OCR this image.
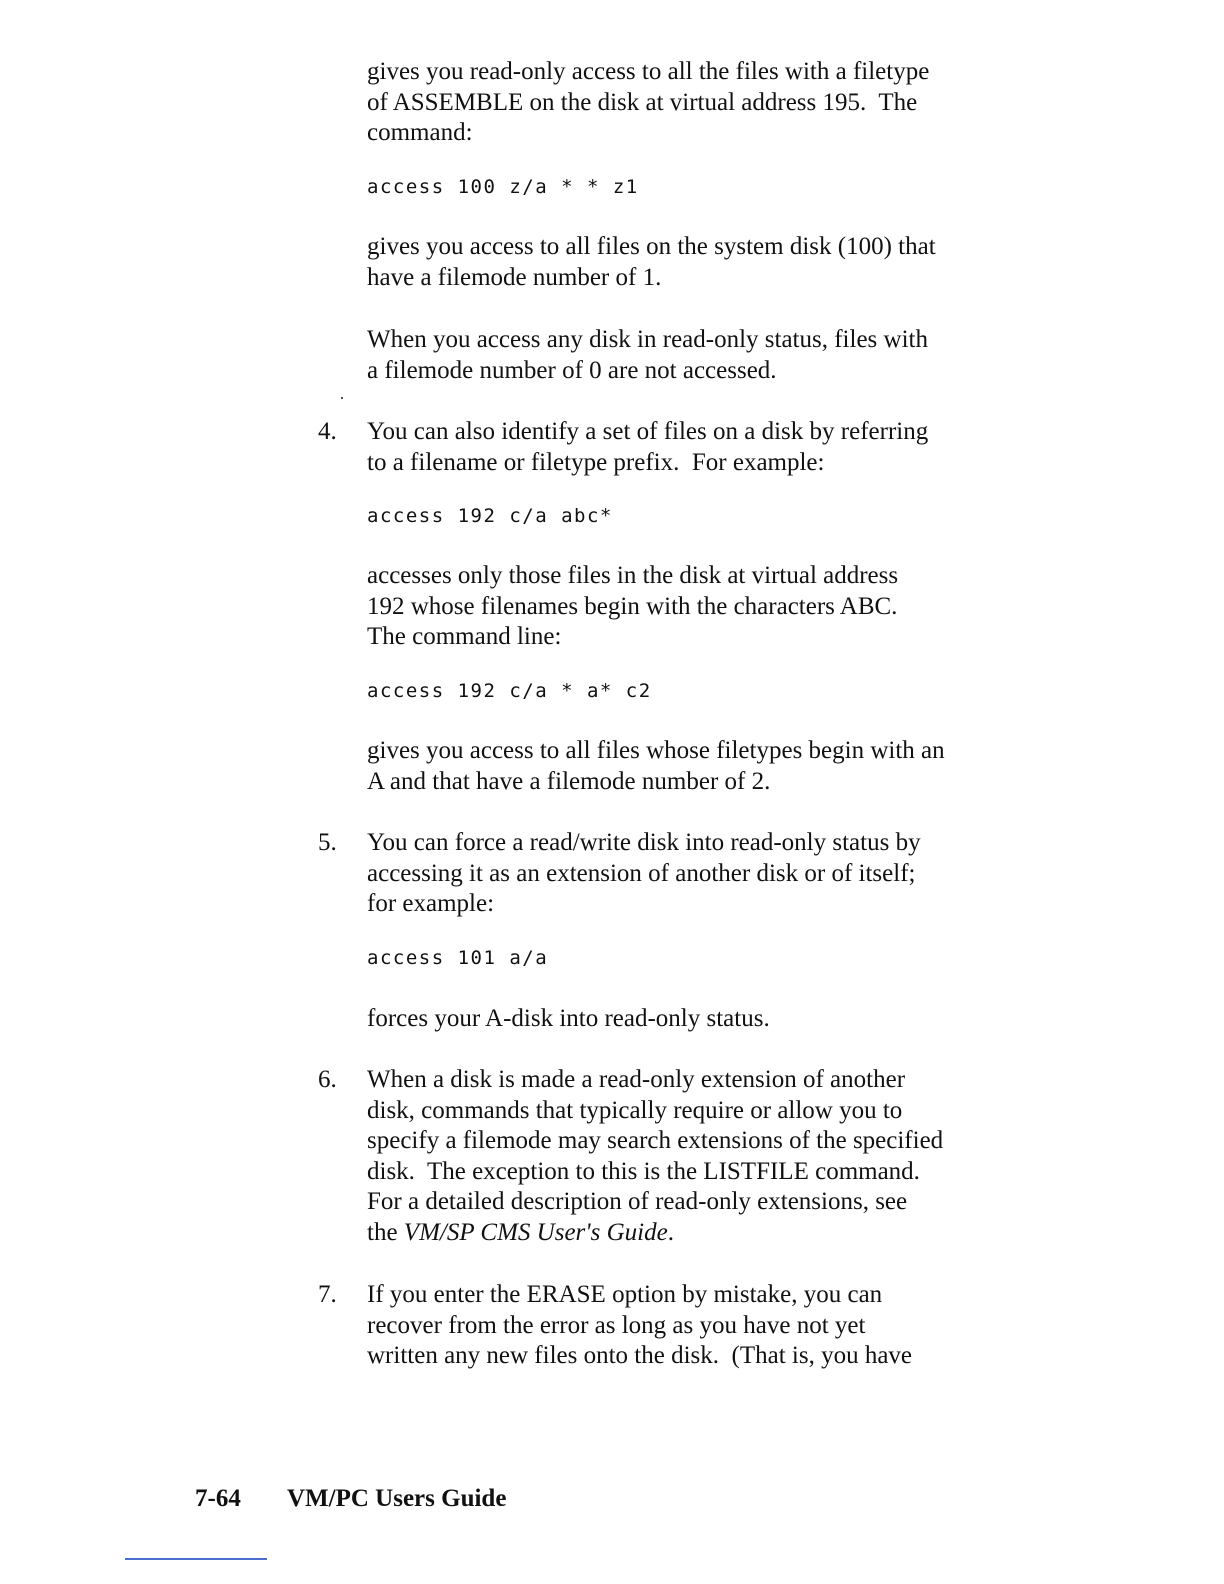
gives you read-only access to all the files with a filetype
of ASSEMBLE on the disk at virtual address 195.  The
command:

access 100 z/a * * z1

gives you access to all files on the system disk (100) that
have a filemode number of 1.

When you access any disk in read-only status, files with
a filemode number of 0 are not accessed.

4. You can also identify a set of files on a disk by referring
to a filename or filetype prefix.  For example:

access 192 c/a abc*

accesses only those files in the disk at virtual address
192 whose filenames begin with the characters ABC.
The command line:

access 192 c/a * a* c2

gives you access to all files whose filetypes begin with an
A and that have a filemode number of 2.

5. You can force a read/write disk into read-only status by
accessing it as an extension of another disk or of itself;
for example:

access 101 a/a

forces your A-disk into read-only status.

6. When a disk is made a read-only extension of another
disk, commands that typically require or allow you to
specify a filemode may search extensions of the specified
disk.  The exception to this is the LISTFILE command.
For a detailed description of read-only extensions, see

the VM/SP CMS User's Guide.

7. If you enter the ERASE option by mistake, you can
recover from the error as long as you have not yet
written any new files onto the disk.  (That is, you have

7-64 VM/PC Users Guide
